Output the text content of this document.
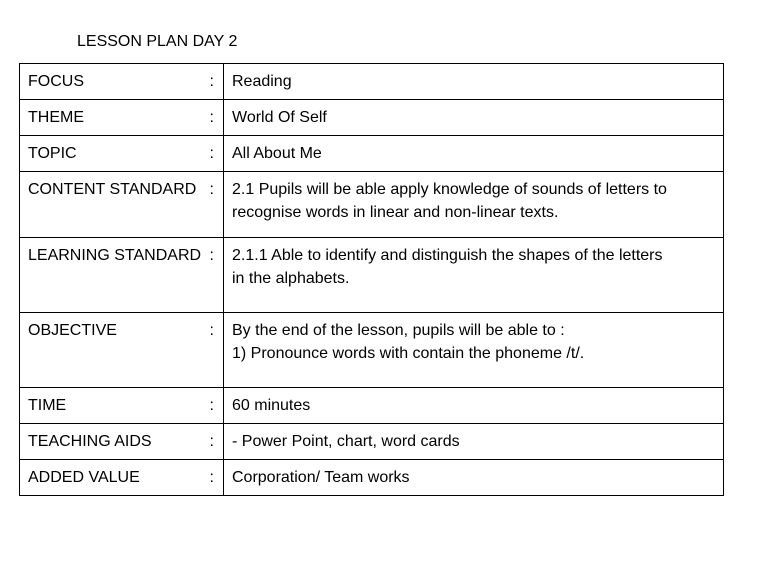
LESSON PLAN DAY 2
FOCUS :	Reading

THEME :	World Of Self

TOPIC :	All About Me

CONTENT STANDARD :	2.1 Pupils will be able apply knowledge of sounds of letters to
recognise words in linear and non-linear texts.

LEARNING STANDARD :	2.1.1 Able to identify and distinguish the shapes of the letters
in the alphabets.

OBJECTIVE :	By the end of the lesson, pupils will be able to :
1) Pronounce words with contain the phoneme /t/.

TIME :	60 minutes

TEACHING AIDS :	- Power Point, chart, word cards

ADDED VALUE :	Corporation/ Team works
